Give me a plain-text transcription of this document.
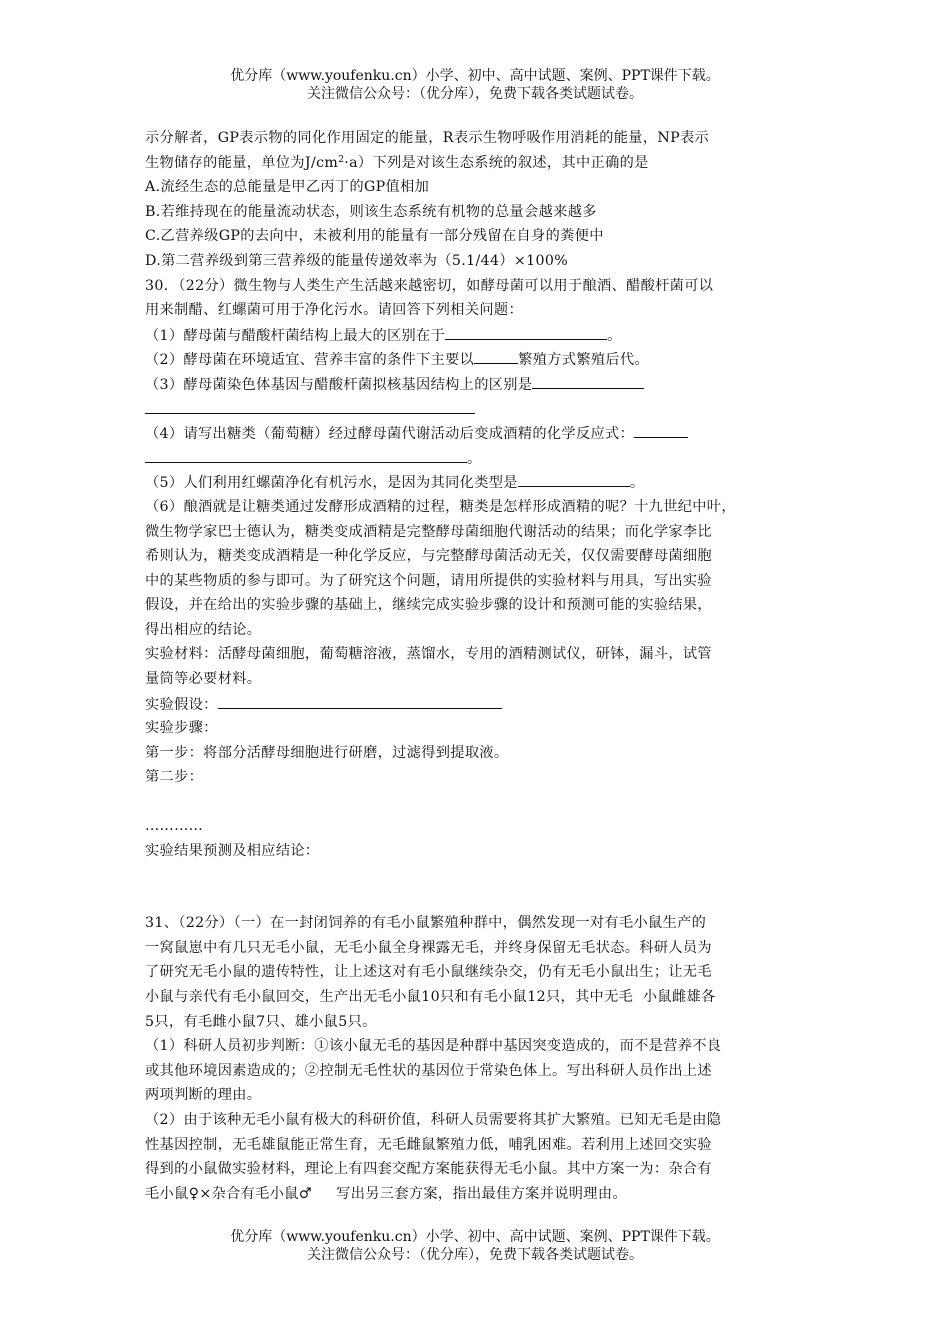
优分库（www.youfenku.cn）小学、初中、高中试题、案例、PPT课件下载。
关注微信公众号：（优分库），免费下载各类试题试卷。
示分解者，GP表示物的同化作用固定的能量，R表示生物呼吸作用消耗的能量，NP表示
生物储存的能量，单位为$J/cm^2\cdot a$）下列是对该生态系统的叙述，其中正确的是
A.流经生态的总能量是甲乙丙丁的GP值相加
B.若维持现在的能量流动状态，则该生态系统有机物的总量会越来越多
C.乙营养级GP的去向中，未被利用的能量有一部分残留在自身的粪便中
D.第二营养级到第三营养级的能量传递效率为（5.1/44）×100%
30．（22分）微生物与人类生产生活越来越密切，如酵母菌可以用于酿酒、醋酸杆菌可以
用来制醋、红螺菌可用于净化污水。请回答下列相关问题：
（1）酵母菌与醋酸杆菌结构上最大的区别在于	。
（2）酵母菌在环境适宜、营养丰富的条件下主要以	繁殖方式繁殖后代。
（3）酵母菌染色体基因与醋酸杆菌拟核基因结构上的区别是
（4）请写出糖类（葡萄糖）经过酵母菌代谢活动后变成酒精的化学反应式：
。
（5）人们利用红螺菌净化有机污水，是因为其同化类型是	。
（6）酿酒就是让糖类通过发酵形成酒精的过程，糖类是怎样形成酒精的呢？十九世纪中叶，
微生物学家巴士德认为，糖类变成酒精是完整酵母菌细胞代谢活动的结果；而化学家李比
希则认为，糖类变成酒精是一种化学反应，与完整酵母菌活动无关，仅仅需要酵母菌细胞
中的某些物质的参与即可。为了研究这个问题，请用所提供的实验材料与用具，写出实验
假设，并在给出的实验步骤的基础上，继续完成实验步骤的设计和预测可能的实验结果，
得出相应的结论。
实验材料：活酵母菌细胞，葡萄糖溶液，蒸馏水，专用的酒精测试仪，研钵，漏斗，试管
量筒等必要材料。
实验假设：
实验步骤：
第一步：将部分活酵母细胞进行研磨，过滤得到提取液。
第二步：
…………
实验结果预测及相应结论：
31、（22分）（一）在一封闭饲养的有毛小鼠繁殖种群中，偶然发现一对有毛小鼠生产的
一窝鼠崽中有几只无毛小鼠，无毛小鼠全身裸露无毛，并终身保留无毛状态。科研人员为
了研究无毛小鼠的遗传特性，让上述这对有毛小鼠继续杂交，仍有无毛小鼠出生；让无毛
小鼠与亲代有毛小鼠回交，生产出无毛小鼠10只和有毛小鼠12只，其中无毛  小鼠雌雄各
5只，有毛雌小鼠7只、雄小鼠5只。
（1）科研人员初步判断：①该小鼠无毛的基因是种群中基因突变造成的，而不是营养不良
或其他环境因素造成的；②控制无毛性状的基因位于常染色体上。写出科研人员作出上述
两项判断的理由。
（2）由于该种无毛小鼠有极大的科研价值，科研人员需要将其扩大繁殖。已知无毛是由隐
性基因控制，无毛雄鼠能正常生育，无毛雌鼠繁殖力低，哺乳困难。若利用上述回交实验
得到的小鼠做实验材料，理论上有四套交配方案能获得无毛小鼠。其中方案一为：杂合有
毛小鼠♀×杂合有毛小鼠♂     写出另三套方案，指出最佳方案并说明理由。
优分库（www.youfenku.cn）小学、初中、高中试题、案例、PPT课件下载。
关注微信公众号：（优分库），免费下载各类试题试卷。
